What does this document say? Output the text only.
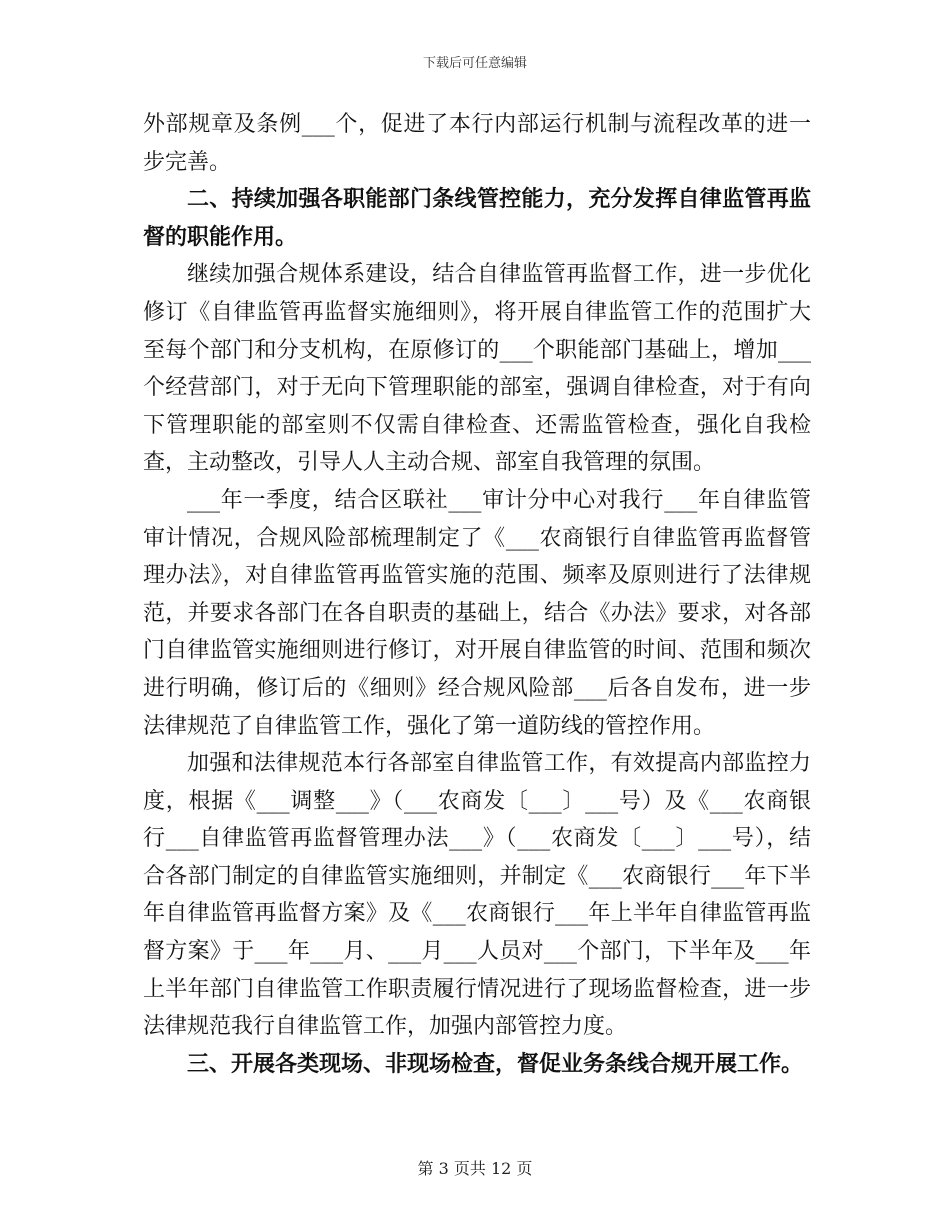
下载后可任意编辑

外部规章及条例___个，促进了本行内部运行机制与流程改革的进一步完善。

二、持续加强各职能部门条线管控能力，充分发挥自律监管再监督的职能作用。

继续加强合规体系建设，结合自律监管再监督工作，进一步优化修订《自律监管再监督实施细则》，将开展自律监管工作的范围扩大至每个部门和分支机构，在原修订的___个职能部门基础上，增加___个经营部门，对于无向下管理职能的部室，强调自律检查，对于有向下管理职能的部室则不仅需自律检查、还需监管检查，强化自我检查，主动整改，引导人人主动合规、部室自我管理的氛围。

___年一季度，结合区联社___审计分中心对我行___年自律监管审计情况，合规风险部梳理制定了《___农商银行自律监管再监督管理办法》，对自律监管再监管实施的范围、频率及原则进行了法律规范，并要求各部门在各自职责的基础上，结合《办法》要求，对各部门自律监管实施细则进行修订，对开展自律监管的时间、范围和频次进行明确，修订后的《细则》经合规风险部___后各自发布，进一步法律规范了自律监管工作，强化了第一道防线的管控作用。

加强和法律规范本行各部室自律监管工作，有效提高内部监控力度，根据《___调整___》（___农商发〔___〕___号）及《___农商银行___自律监管再监督管理办法___》（___农商发〔___〕___号），结合各部门制定的自律监管实施细则，并制定《___农商银行___年下半年自律监管再监督方案》及《___农商银行___年上半年自律监管再监督方案》于___年___月、___月___人员对___个部门，下半年及___年上半年部门自律监管工作职责履行情况进行了现场监督检查，进一步法律规范我行自律监管工作，加强内部管控力度。

三、开展各类现场、非现场检查，督促业务条线合规开展工作。

第 3 页共 12 页
